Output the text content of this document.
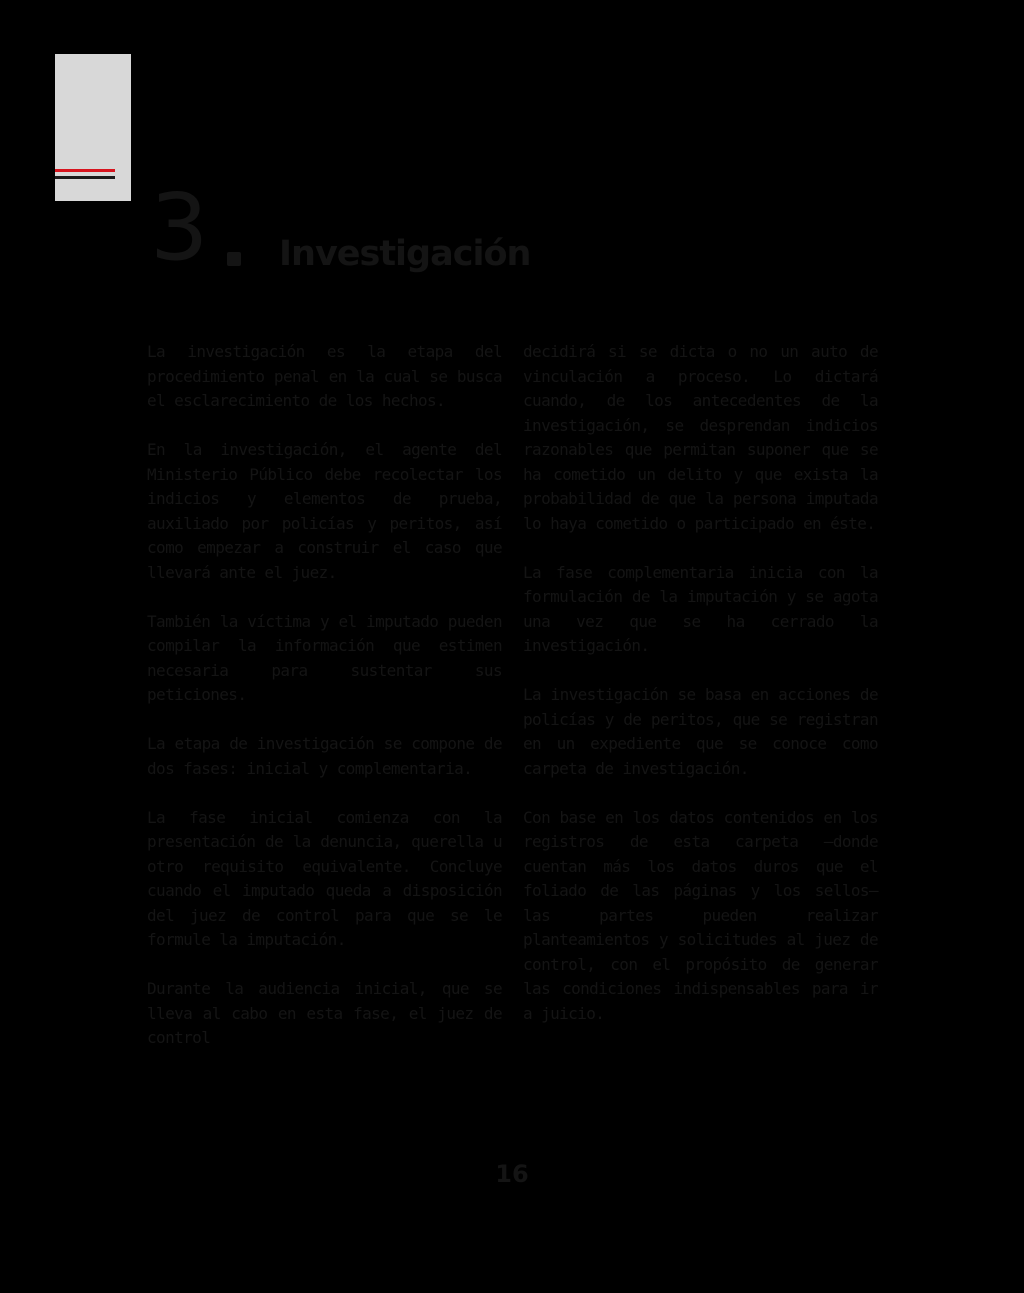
3 Investigación

La investigación es la etapa del procedimiento penal en la cual se busca el esclarecimiento de los hechos.

En la investigación, el agente del Ministerio Público debe recolectar los indicios y elementos de prueba, auxiliado por policías y peritos, así como empezar a construir el caso que llevará ante el juez.

También la víctima y el imputado pueden compilar la información que estimen necesaria para sustentar sus peticiones.

La etapa de investigación se compone de dos fases: inicial y complementaria.

La fase inicial comienza con la presentación de la denuncia, querella u otro requisito equivalente. Concluye cuando el imputado queda a disposición del juez de control para que se le formule la imputación.

Durante la audiencia inicial, que se lleva al cabo en esta fase, el juez de control

decidirá si se dicta o no un auto de vinculación a proceso. Lo dictará cuando, de los antecedentes de la investigación, se desprendan indicios razonables que permitan suponer que se ha cometido un delito y que exista la probabilidad de que la persona imputada lo haya cometido o participado en éste.

La fase complementaria inicia con la formulación de la imputación y se agota una vez que se ha cerrado la investigación.

La investigación se basa en acciones de policías y de peritos, que se registran en un expediente que se conoce como carpeta de investigación.

Con base en los datos contenidos en los registros de esta carpeta —donde cuentan más los datos duros que el foliado de las páginas y los sellos— las partes pueden realizar planteamientos y solicitudes al juez de control, con el propósito de generar las condiciones indispensables para ir a juicio.

16
